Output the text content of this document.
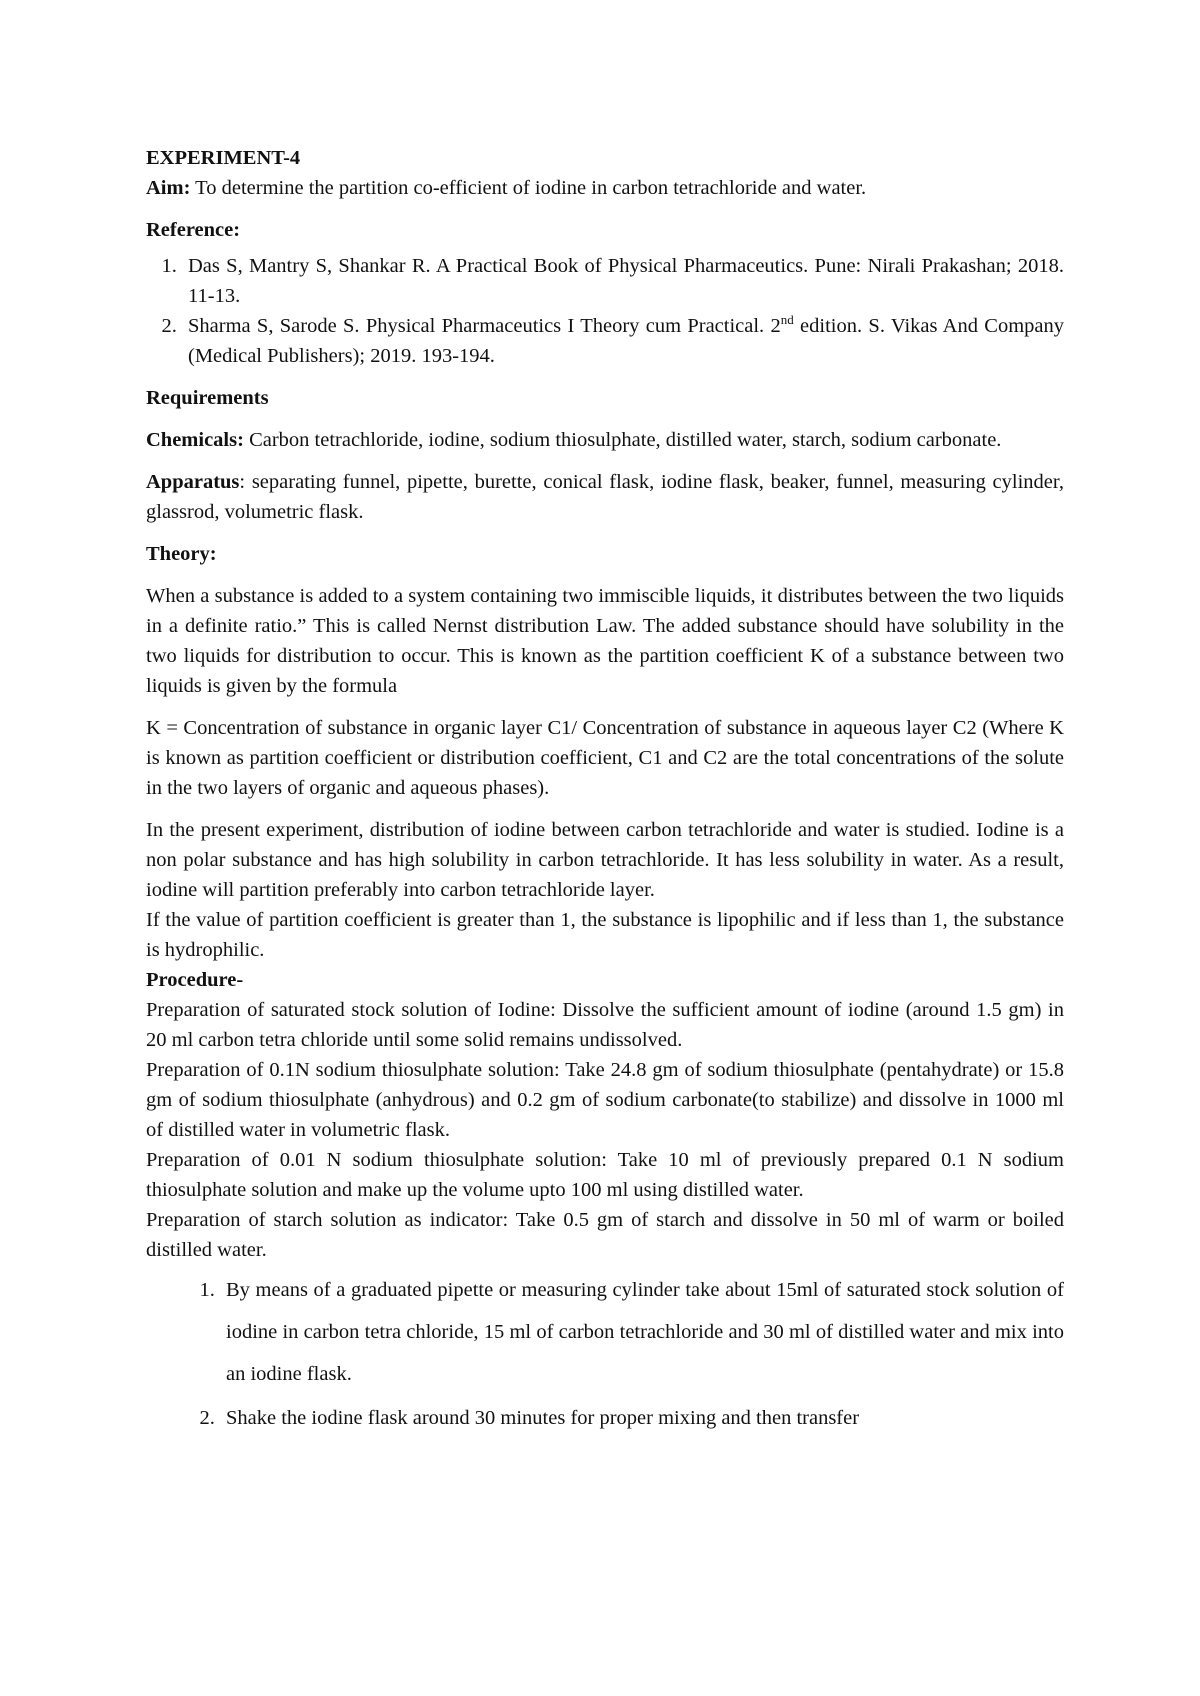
EXPERIMENT-4

Aim: To determine the partition co-efficient of iodine in carbon tetrachloride and water.

Reference:

1. Das S, Mantry S, Shankar R. A Practical Book of Physical Pharmaceutics. Pune: Nirali Prakashan; 2018. 11-13.
2. Sharma S, Sarode S. Physical Pharmaceutics I Theory cum Practical. 2nd edition. S. Vikas And Company (Medical Publishers); 2019. 193-194.

Requirements

Chemicals: Carbon tetrachloride, iodine, sodium thiosulphate, distilled water, starch, sodium carbonate.

Apparatus: separating funnel, pipette, burette, conical flask, iodine flask, beaker, funnel, measuring cylinder, glassrod, volumetric flask.

Theory:

When a substance is added to a system containing two immiscible liquids, it distributes between the two liquids in a definite ratio.” This is called Nernst distribution Law. The added substance should have solubility in the two liquids for distribution to occur. This is known as the partition coefficient K of a substance between two liquids is given by the formula

K = Concentration of substance in organic layer C1/ Concentration of substance in aqueous layer C2 (Where K is known as partition coefficient or distribution coefficient, C1 and C2 are the total concentrations of the solute in the two layers of organic and aqueous phases).

In the present experiment, distribution of iodine between carbon tetrachloride and water is studied. Iodine is a non polar substance and has high solubility in carbon tetrachloride. It has less solubility in water. As a result, iodine will partition preferably into carbon tetrachloride layer.

If the value of partition coefficient is greater than 1, the substance is lipophilic and if less than 1, the substance is hydrophilic.

Procedure-

Preparation of saturated stock solution of Iodine: Dissolve the sufficient amount of iodine (around 1.5 gm) in 20 ml carbon tetra chloride until some solid remains undissolved.

Preparation of 0.1N sodium thiosulphate solution: Take 24.8 gm of sodium thiosulphate (pentahydrate) or 15.8 gm of sodium thiosulphate (anhydrous) and 0.2 gm of sodium carbonate(to stabilize) and dissolve in 1000 ml of distilled water in volumetric flask.

Preparation of 0.01 N sodium thiosulphate solution: Take 10 ml of previously prepared 0.1 N sodium thiosulphate solution and make up the volume upto 100 ml using distilled water.

Preparation of starch solution as indicator: Take 0.5 gm of starch and dissolve in 50 ml of warm or boiled distilled water.

1. By means of a graduated pipette or measuring cylinder take about 15ml of saturated stock solution of iodine in carbon tetra chloride, 15 ml of carbon tetrachloride and 30 ml of distilled water and mix into an iodine flask.
2. Shake the iodine flask around 30 minutes for proper mixing and then transfer
